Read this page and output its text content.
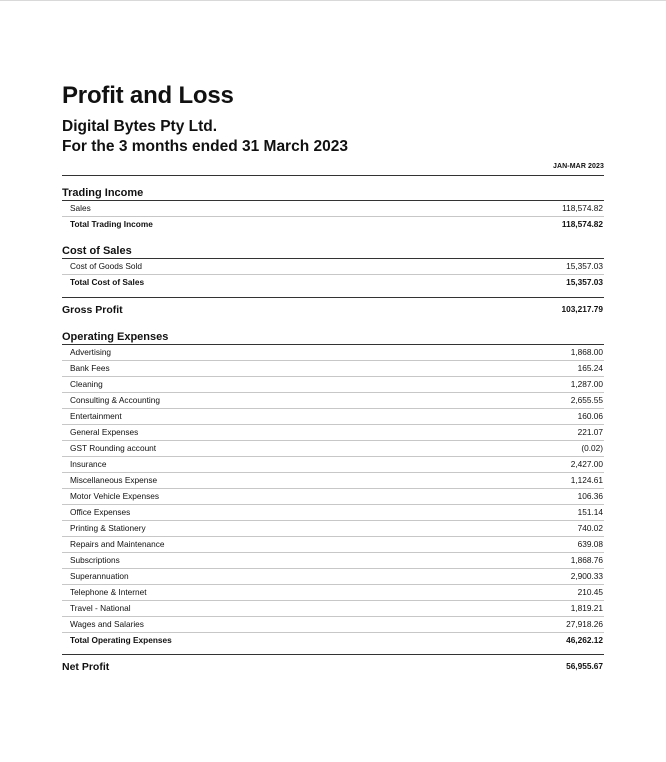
Profit and Loss
Digital Bytes Pty Ltd.
For the 3 months ended 31 March 2023
JAN-MAR 2023
Trading Income
Sales	118,574.82
Total Trading Income	118,574.82
Cost of Sales
Cost of Goods Sold	15,357.03
Total Cost of Sales	15,357.03
Gross Profit	103,217.79
Operating Expenses
Advertising	1,868.00
Bank Fees	165.24
Cleaning	1,287.00
Consulting & Accounting	2,655.55
Entertainment	160.06
General Expenses	221.07
GST Rounding account	(0.02)
Insurance	2,427.00
Miscellaneous Expense	1,124.61
Motor Vehicle Expenses	106.36
Office Expenses	151.14
Printing & Stationery	740.02
Repairs and Maintenance	639.08
Subscriptions	1,868.76
Superannuation	2,900.33
Telephone & Internet	210.45
Travel - National	1,819.21
Wages and Salaries	27,918.26
Total Operating Expenses	46,262.12
Net Profit	56,955.67
